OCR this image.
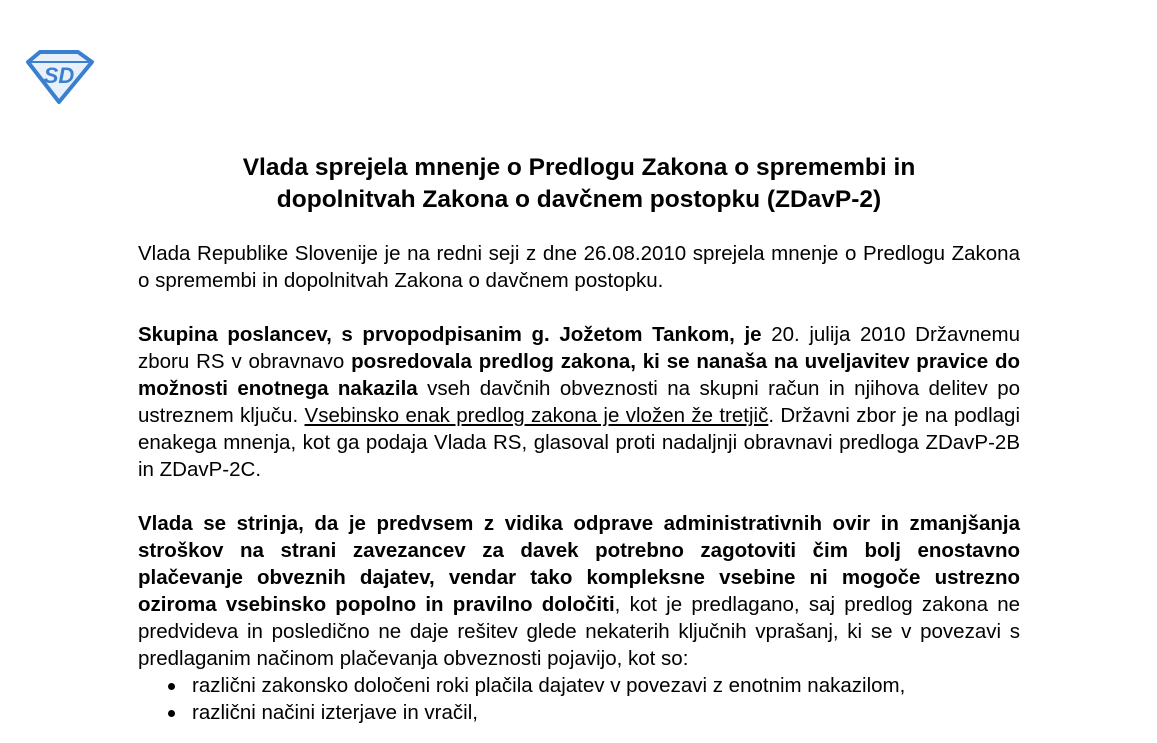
SD
Vlada sprejela mnenje o Predlogu Zakona o spremembi in
dopolnitvah Zakona o davčnem postopku (ZDavP-2)

Vlada Republike Slovenije je na redni seji z dne 26.08.2010 sprejela mnenje o Predlogu Zakona o spremembi in dopolnitvah Zakona o davčnem postopku.

Skupina poslancev, s prvopodpisanim g. Jožetom Tankom, je 20. julija 2010 Državnemu zboru RS v obravnavo posredovala predlog zakona, ki se nanaša na uveljavitev pravice do možnosti enotnega nakazila vseh davčnih obveznosti na skupni račun in njihova delitev po ustreznem ključu. Vsebinsko enak predlog zakona je vložen že tretjič. Državni zbor je na podlagi enakega mnenja, kot ga podaja Vlada RS, glasoval proti nadaljnji obravnavi predloga ZDavP-2B in ZDavP-2C.

Vlada se strinja, da je predvsem z vidika odprave administrativnih ovir in zmanjšanja stroškov na strani zavezancev za davek potrebno zagotoviti čim bolj enostavno plačevanje obveznih dajatev, vendar tako kompleksne vsebine ni mogoče ustrezno oziroma vsebinsko popolno in pravilno določiti, kot je predlagano, saj predlog zakona ne predvideva in posledično ne daje rešitev glede nekaterih ključnih vprašanj, ki se v povezavi s predlaganim načinom plačevanja obveznosti pojavijo, kot so:

različni zakonsko določeni roki plačila dajatev v povezavi z enotnim nakazilom,
različni načini izterjave in vračil,
